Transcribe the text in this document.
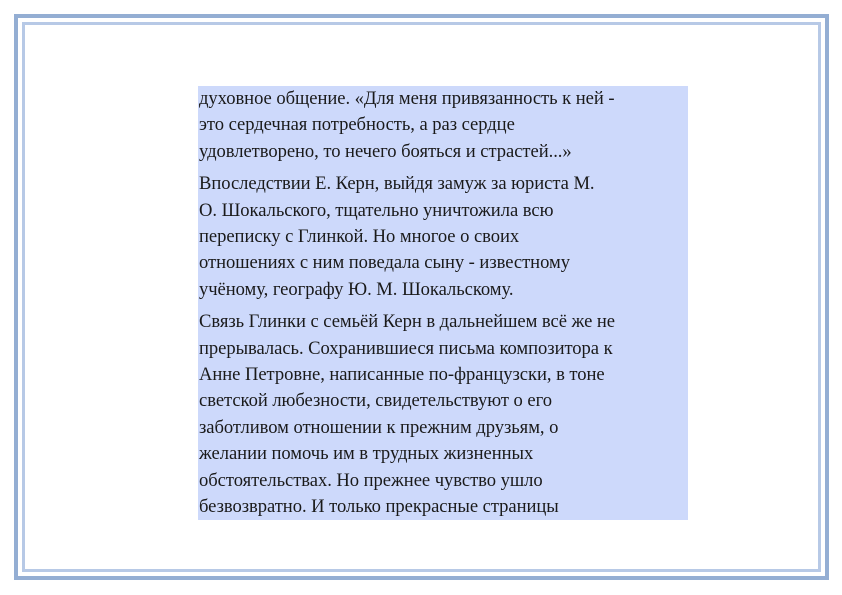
духовное общение. «Для меня привязанность к ней -
это сердечная потребность, а раз сердце
удовлетворено, то нечего бояться и страстей...»

Впоследствии Е. Керн, выйдя замуж за юриста М.
О. Шокальского, тщательно уничтожила всю
переписку с Глинкой. Но многое о своих
отношениях с ним поведала сыну - известному
учёному, географу Ю. М. Шокальскому.

Связь Глинки с семьёй Керн в дальнейшем всё же не
прерывалась. Сохранившиеся письма композитора к
Анне Петровне, написанные по-французски, в тоне
светской любезности, свидетельствуют о его
заботливом отношении к прежним друзьям, о
желании помочь им в трудных жизненных
обстоятельствах. Но прежнее чувство ушло
безвозвратно. И только прекрасные страницы
